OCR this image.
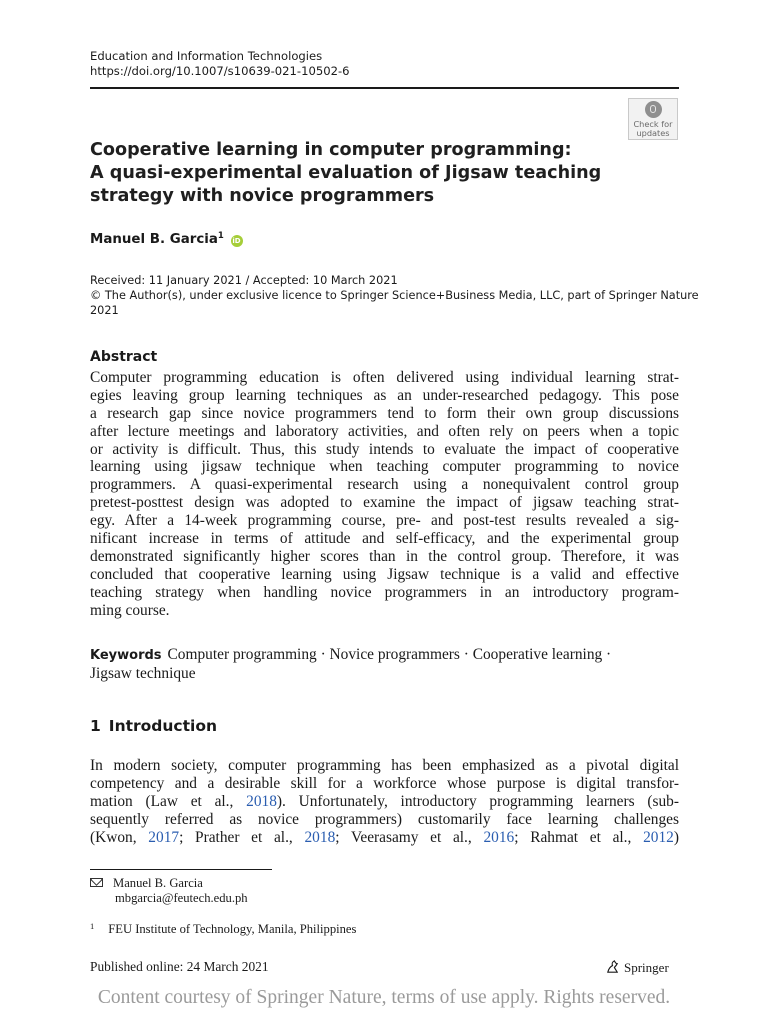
Education and Information Technologies
https://doi.org/10.1007/s10639-021-10502-6
Check for
updates
Cooperative learning in computer programming:
A quasi-experimental evaluation of Jigsaw teaching
strategy with novice programmers
Manuel B. Garcia$^1$ iD
Received: 11 January 2021 / Accepted: 10 March 2021
© The Author(s), under exclusive licence to Springer Science+Business Media, LLC, part of Springer Nature
2021
Abstract
Computer programming education is often delivered using individual learning strat-
egies leaving group learning techniques as an under-researched pedagogy. This pose
a research gap since novice programmers tend to form their own group discussions
after lecture meetings and laboratory activities, and often rely on peers when a topic
or activity is difficult. Thus, this study intends to evaluate the impact of cooperative
learning using jigsaw technique when teaching computer programming to novice
programmers. A quasi-experimental research using a nonequivalent control group
pretest-posttest design was adopted to examine the impact of jigsaw teaching strat-
egy. After a 14-week programming course, pre- and post-test results revealed a sig-
nificant increase in terms of attitude and self-efficacy, and the experimental group
demonstrated significantly higher scores than in the control group. Therefore, it was
concluded that cooperative learning using Jigsaw technique is a valid and effective
teaching strategy when handling novice programmers in an introductory program-
ming course.
Keywords Computer programming · Novice programmers · Cooperative learning ·
Jigsaw technique
1 Introduction
In modern society, computer programming has been emphasized as a pivotal digital
competency and a desirable skill for a workforce whose purpose is digital transfor-
mation (Law et al., 2018). Unfortunately, introductory programming learners (sub-
sequently referred as novice programmers) customarily face learning challenges
(Kwon, 2017; Prather et al., 2018; Veerasamy et al., 2016; Rahmat et al., 2012)
Manuel B. Garcia
mbgarcia@feutech.edu.ph
$^1$ FEU Institute of Technology, Manila, Philippines
Published online: 24 March 2021	Springer
Content courtesy of Springer Nature, terms of use apply. Rights reserved.
